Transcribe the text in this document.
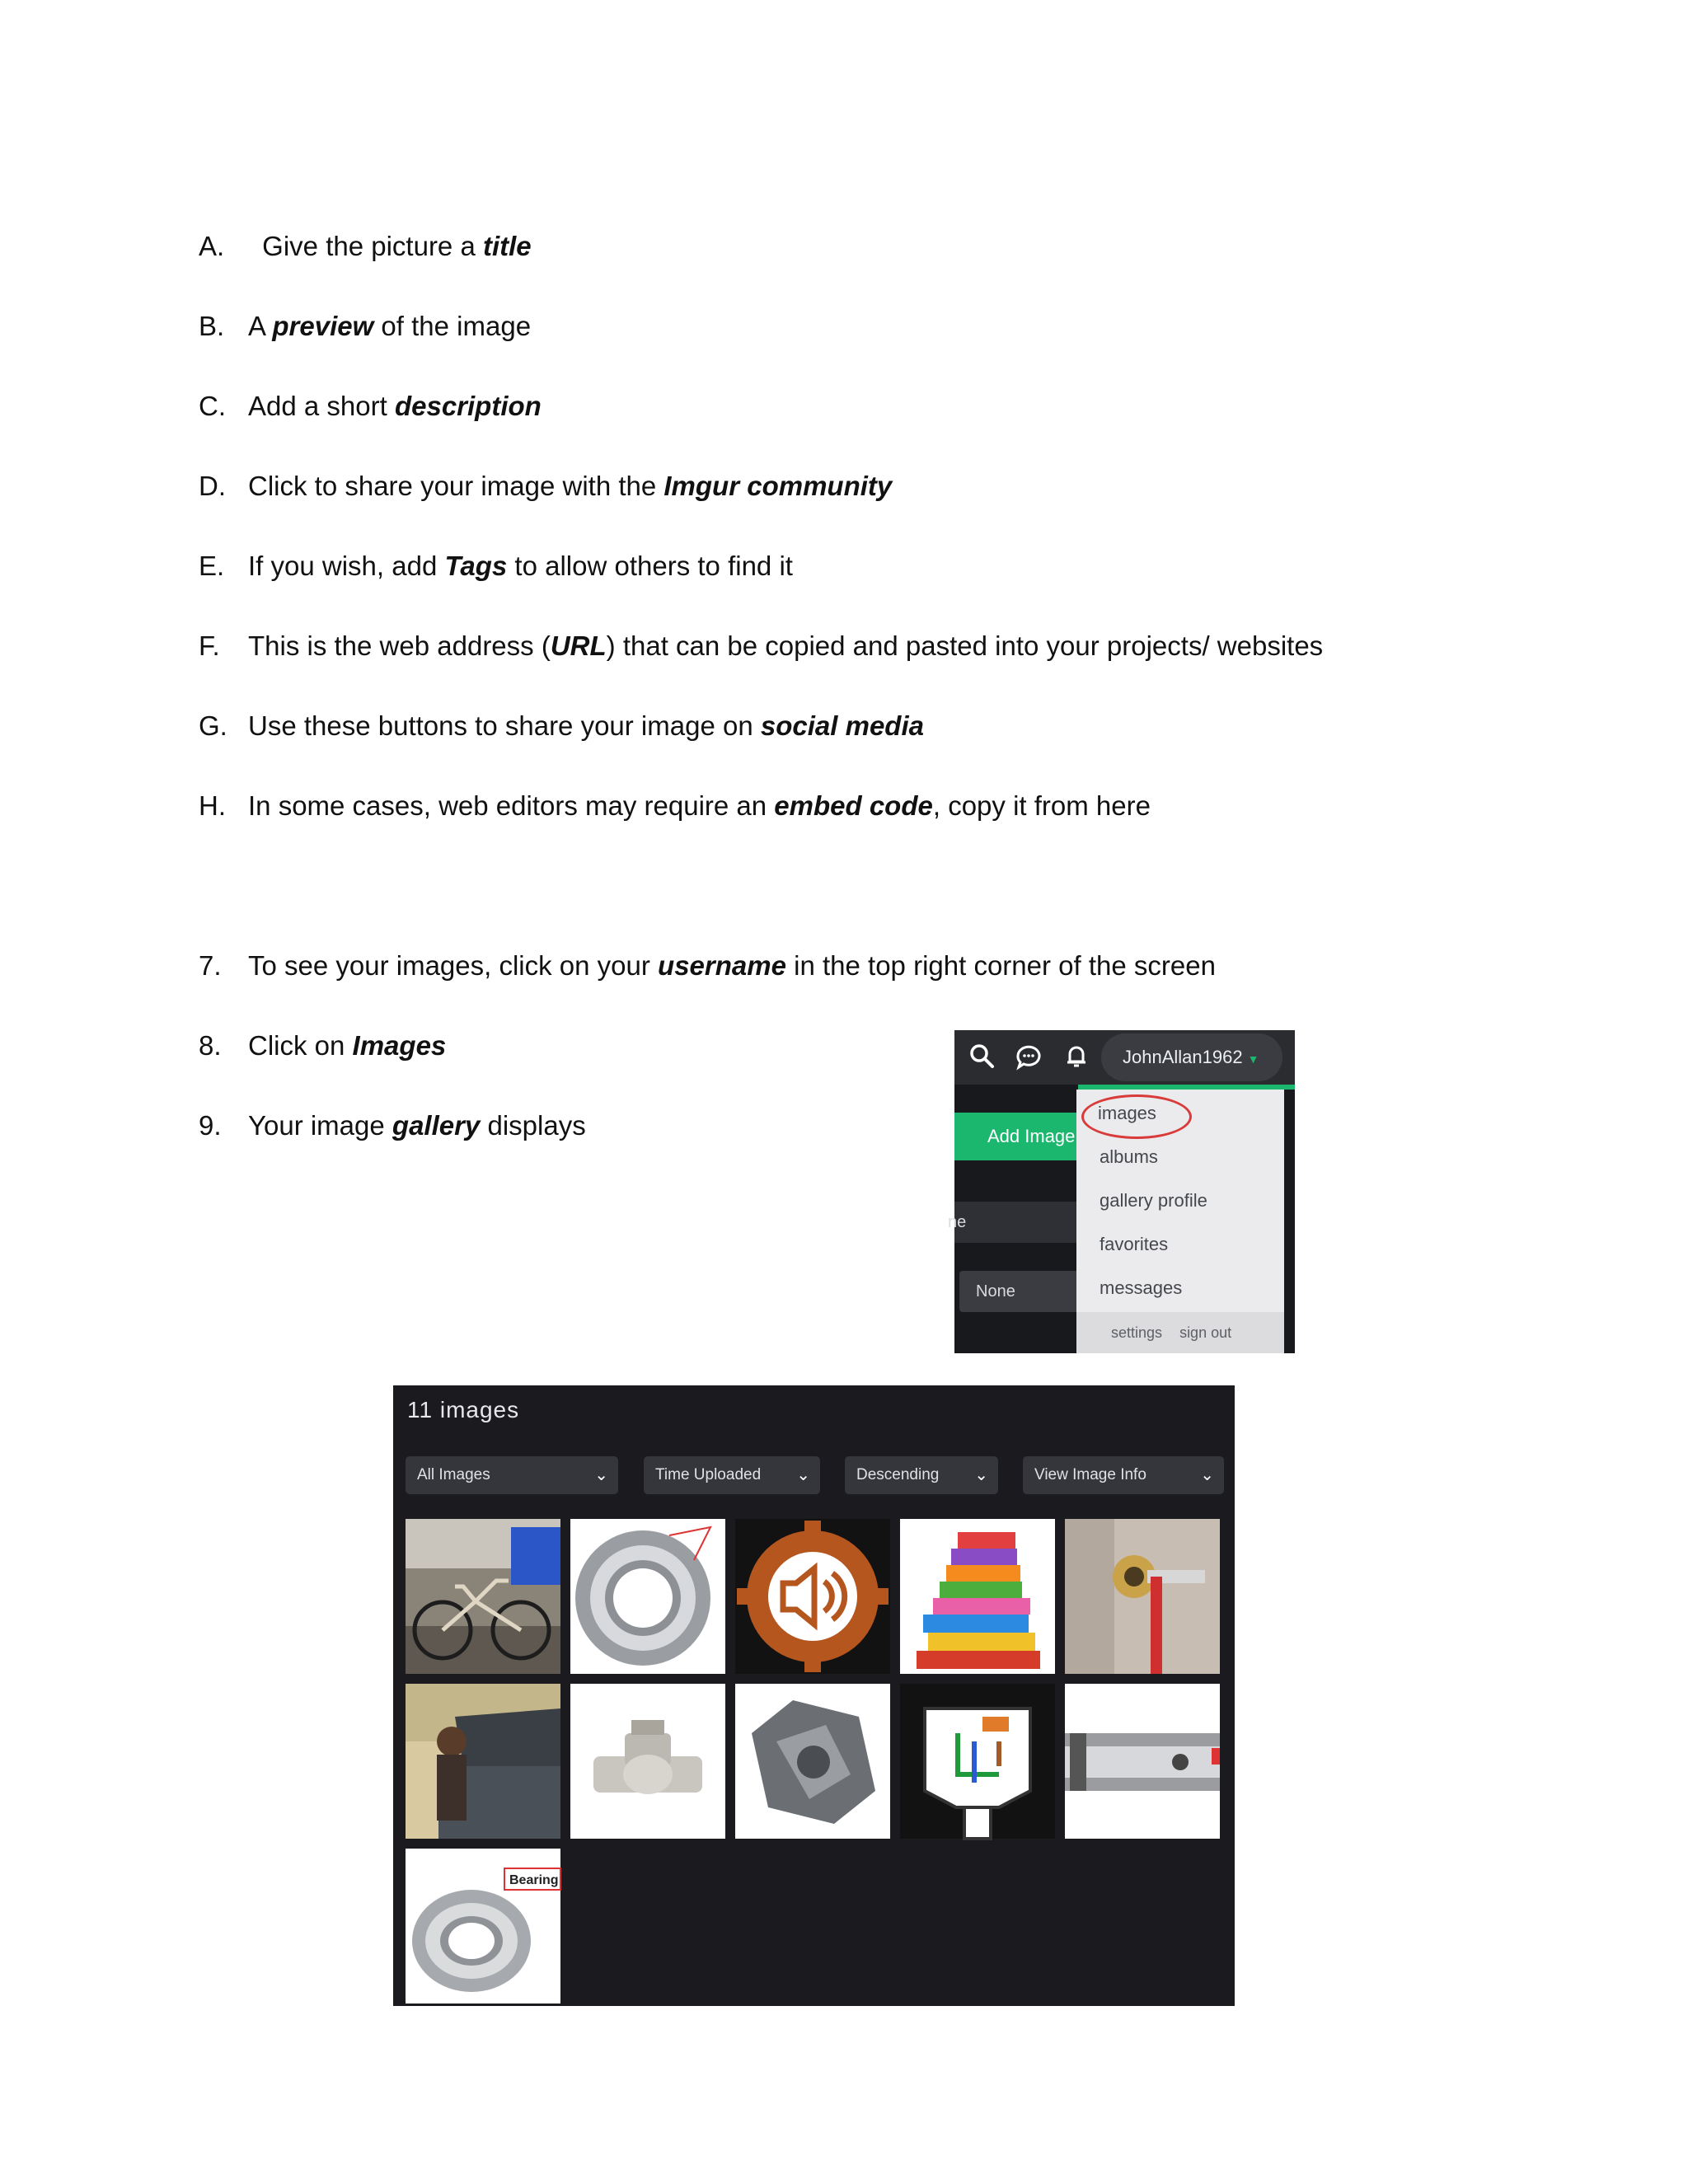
A. Give the picture a title
B. A preview of the image
C. Add a short description
D. Click to share your image with the Imgur community
E. If you wish, add Tags to allow others to find it
F. This is the web address (URL) that can be copied and pasted into your projects/ websites
G. Use these buttons to share your image on social media
H. In some cases, web editors may require an embed code, copy it from here
7. To see your images, click on your username in the top right corner of the screen
8. Click on Images
9. Your image gallery displays
JohnAllan1962 ▼
Add Image
ne
None
images
albums
gallery profile
favorites
messages
settings sign out
11 images
All Images	⌄	Time Uploaded ⌄	Descending ⌄	View Image Info	⌄
Bearing
